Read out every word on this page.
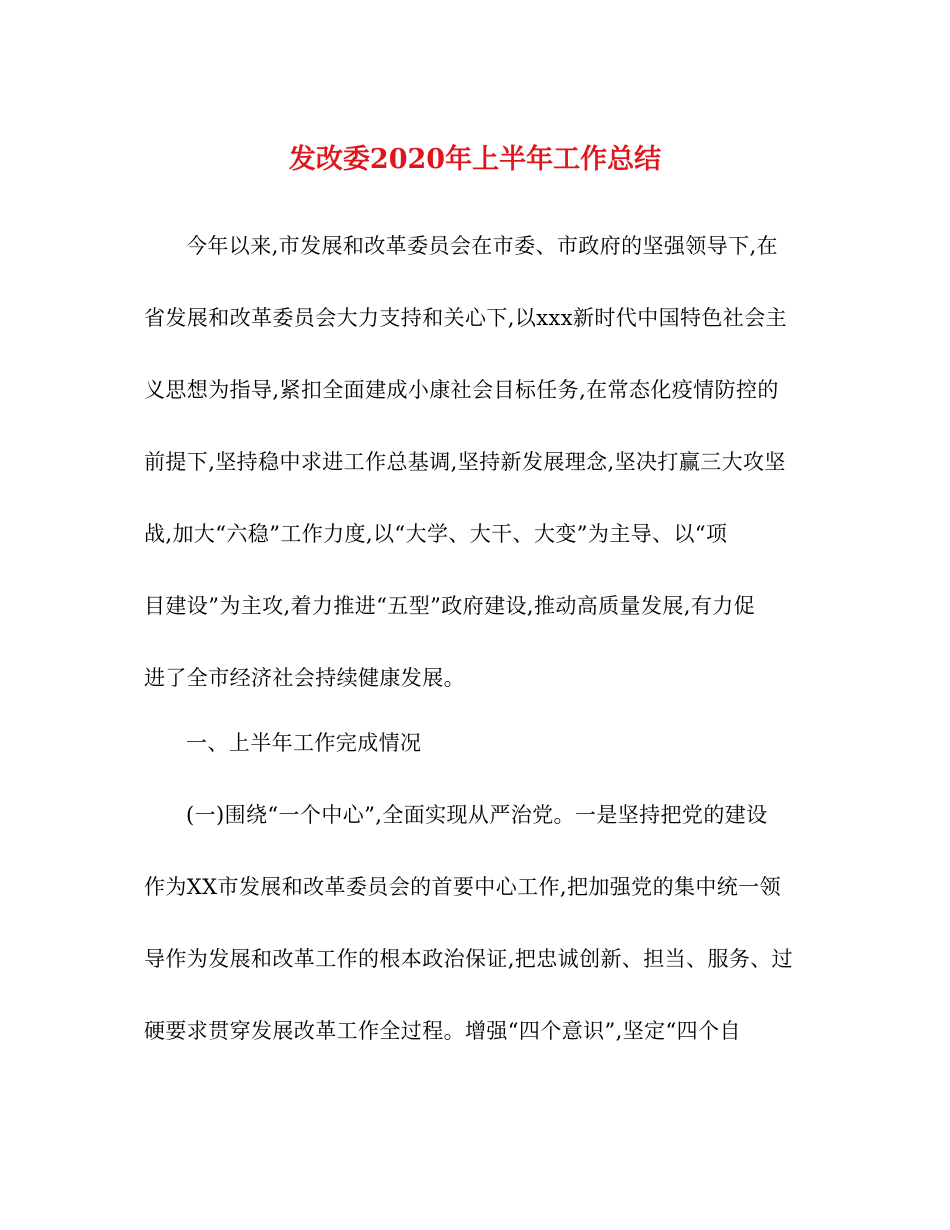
发改委2020年上半年工作总结
今年以来,市发展和改革委员会在市委、市政府的坚强领导下,在
省发展和改革委员会大力支持和关心下,以xxx新时代中国特色社会主
义思想为指导,紧扣全面建成小康社会目标任务,在常态化疫情防控的
前提下,坚持稳中求进工作总基调,坚持新发展理念,坚决打赢三大攻坚
战,加大“六稳”工作力度,以“大学、大干、大变”为主导、以“项
目建设”为主攻,着力推进“五型”政府建设,推动高质量发展,有力促
进了全市经济社会持续健康发展。
一、上半年工作完成情况
(一)围绕“一个中心”,全面实现从严治党。一是坚持把党的建设
作为XX市发展和改革委员会的首要中心工作,把加强党的集中统一领
导作为发展和改革工作的根本政治保证,把忠诚创新、担当、服务、过
硬要求贯穿发展改革工作全过程。增强“四个意识”,坚定“四个自
